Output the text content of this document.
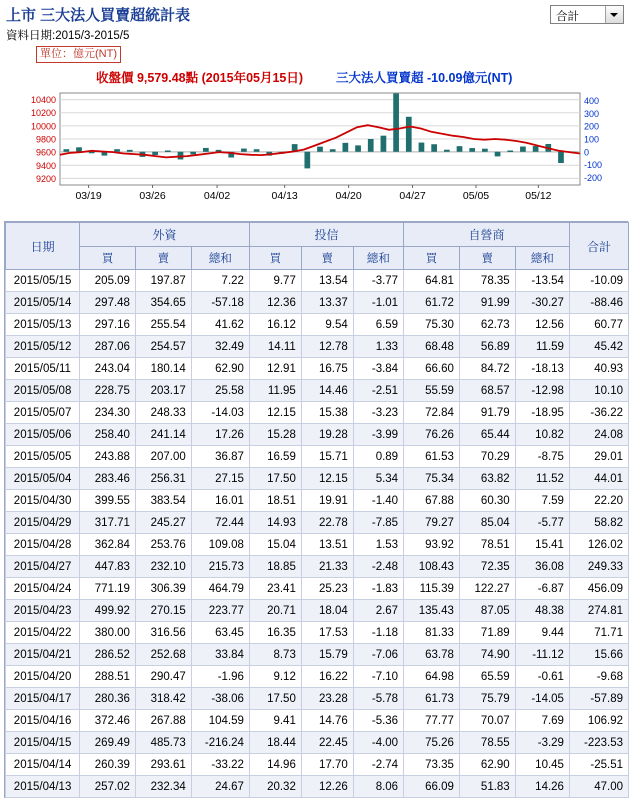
上市 三大法人買賣超統計表
資料日期:2015/3-2015/5
單位：億元(NT)
合計
收盤價 9,579.48點 (2015年05月15日)	三大法人買賣超 -10.09億元(NT)
9200
9400
9600
9800
10000
10200
10400
-200
-100
0
100
200
300
400
03/19	03/26	04/02	04/13	04/20	04/27	05/05	05/12
日期	外資			投信			自營商			合計
	買	賣	總和	買	賣	總和	買	賣	總和	
2015/05/15	205.09	197.87	7.22	9.77	13.54	-3.77	64.81	78.35	-13.54	-10.09
2015/05/14	297.48	354.65	-57.18	12.36	13.37	-1.01	61.72	91.99	-30.27	-88.46
2015/05/13	297.16	255.54	41.62	16.12	9.54	6.59	75.30	62.73	12.56	60.77
2015/05/12	287.06	254.57	32.49	14.11	12.78	1.33	68.48	56.89	11.59	45.42
2015/05/11	243.04	180.14	62.90	12.91	16.75	-3.84	66.60	84.72	-18.13	40.93
2015/05/08	228.75	203.17	25.58	11.95	14.46	-2.51	55.59	68.57	-12.98	10.10
2015/05/07	234.30	248.33	-14.03	12.15	15.38	-3.23	72.84	91.79	-18.95	-36.22
2015/05/06	258.40	241.14	17.26	15.28	19.28	-3.99	76.26	65.44	10.82	24.08
2015/05/05	243.88	207.00	36.87	16.59	15.71	0.89	61.53	70.29	-8.75	29.01
2015/05/04	283.46	256.31	27.15	17.50	12.15	5.34	75.34	63.82	11.52	44.01
2015/04/30	399.55	383.54	16.01	18.51	19.91	-1.40	67.88	60.30	7.59	22.20
2015/04/29	317.71	245.27	72.44	14.93	22.78	-7.85	79.27	85.04	-5.77	58.82
2015/04/28	362.84	253.76	109.08	15.04	13.51	1.53	93.92	78.51	15.41	126.02
2015/04/27	447.83	232.10	215.73	18.85	21.33	-2.48	108.43	72.35	36.08	249.33
2015/04/24	771.19	306.39	464.79	23.41	25.23	-1.83	115.39	122.27	-6.87	456.09
2015/04/23	499.92	270.15	223.77	20.71	18.04	2.67	135.43	87.05	48.38	274.81
2015/04/22	380.00	316.56	63.45	16.35	17.53	-1.18	81.33	71.89	9.44	71.71
2015/04/21	286.52	252.68	33.84	8.73	15.79	-7.06	63.78	74.90	-11.12	15.66
2015/04/20	288.51	290.47	-1.96	9.12	16.22	-7.10	64.98	65.59	-0.61	-9.68
2015/04/17	280.36	318.42	-38.06	17.50	23.28	-5.78	61.73	75.79	-14.05	-57.89
2015/04/16	372.46	267.88	104.59	9.41	14.76	-5.36	77.77	70.07	7.69	106.92
2015/04/15	269.49	485.73	-216.24	18.44	22.45	-4.00	75.26	78.55	-3.29	-223.53
2015/04/14	260.39	293.61	-33.22	14.96	17.70	-2.74	73.35	62.90	10.45	-25.51
2015/04/13	257.02	232.34	24.67	20.32	12.26	8.06	66.09	51.83	14.26	47.00
